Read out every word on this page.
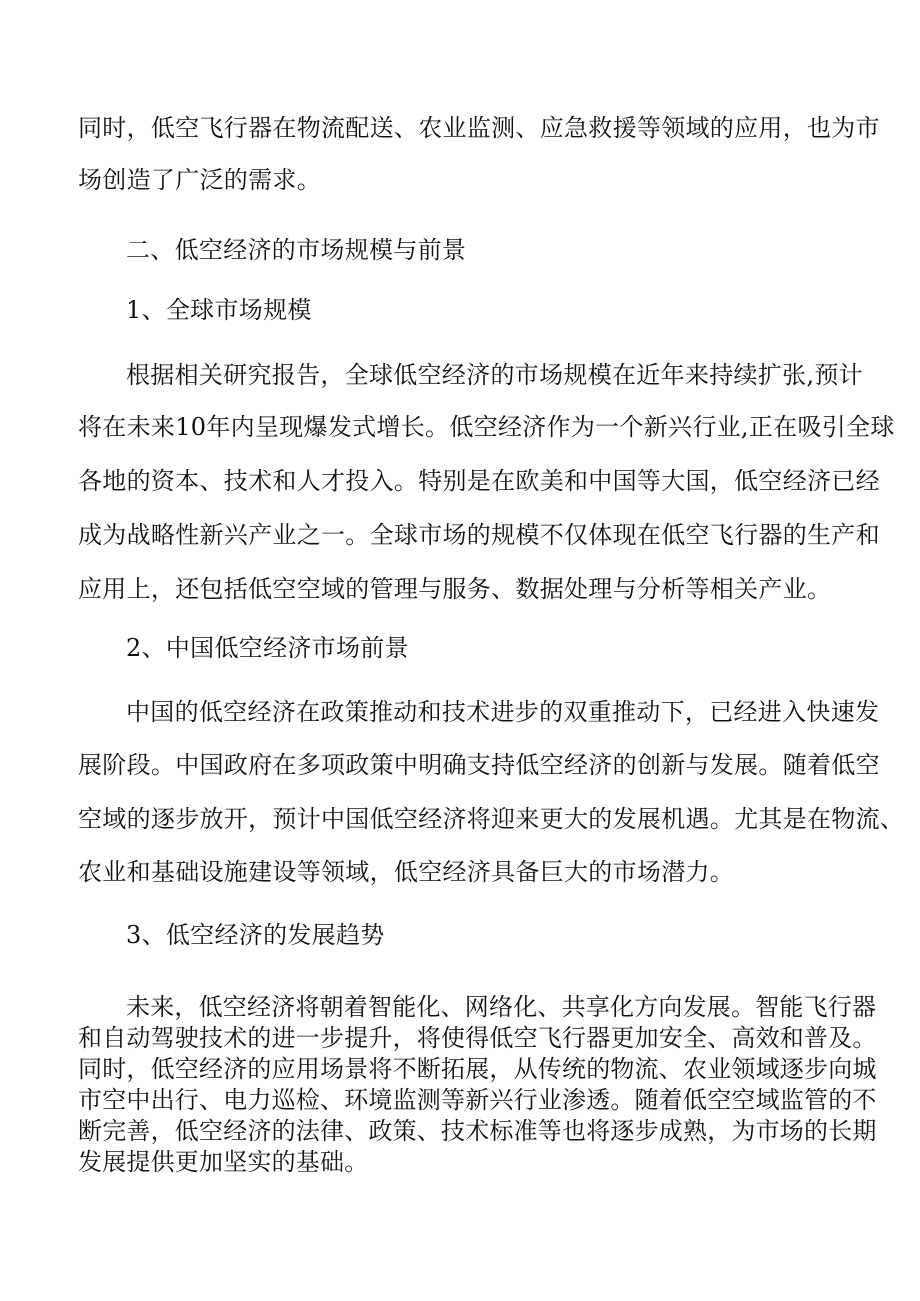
同时，低空飞行器在物流配送、农业监测、应急救援等领域的应用，也为市
场创造了广泛的需求。
二、低空经济的市场规模与前景
1、全球市场规模
根据相关研究报告，全球低空经济的市场规模在近年来持续扩张,预计
将在未来10年内呈现爆发式增长。低空经济作为一个新兴行业,正在吸引全球
各地的资本、技术和人才投入。特别是在欧美和中国等大国，低空经济已经
成为战略性新兴产业之一。全球市场的规模不仅体现在低空飞行器的生产和
应用上，还包括低空空域的管理与服务、数据处理与分析等相关产业。
2、中国低空经济市场前景
中国的低空经济在政策推动和技术进步的双重推动下，已经进入快速发
展阶段。中国政府在多项政策中明确支持低空经济的创新与发展。随着低空
空域的逐步放开，预计中国低空经济将迎来更大的发展机遇。尤其是在物流、
农业和基础设施建设等领域，低空经济具备巨大的市场潜力。
3、低空经济的发展趋势
未来，低空经济将朝着智能化、网络化、共享化方向发展。智能飞行器
和自动驾驶技术的进一步提升，将使得低空飞行器更加安全、高效和普及。
同时，低空经济的应用场景将不断拓展，从传统的物流、农业领域逐步向城
市空中出行、电力巡检、环境监测等新兴行业渗透。随着低空空域监管的不
断完善，低空经济的法律、政策、技术标准等也将逐步成熟，为市场的长期
发展提供更加坚实的基础。
